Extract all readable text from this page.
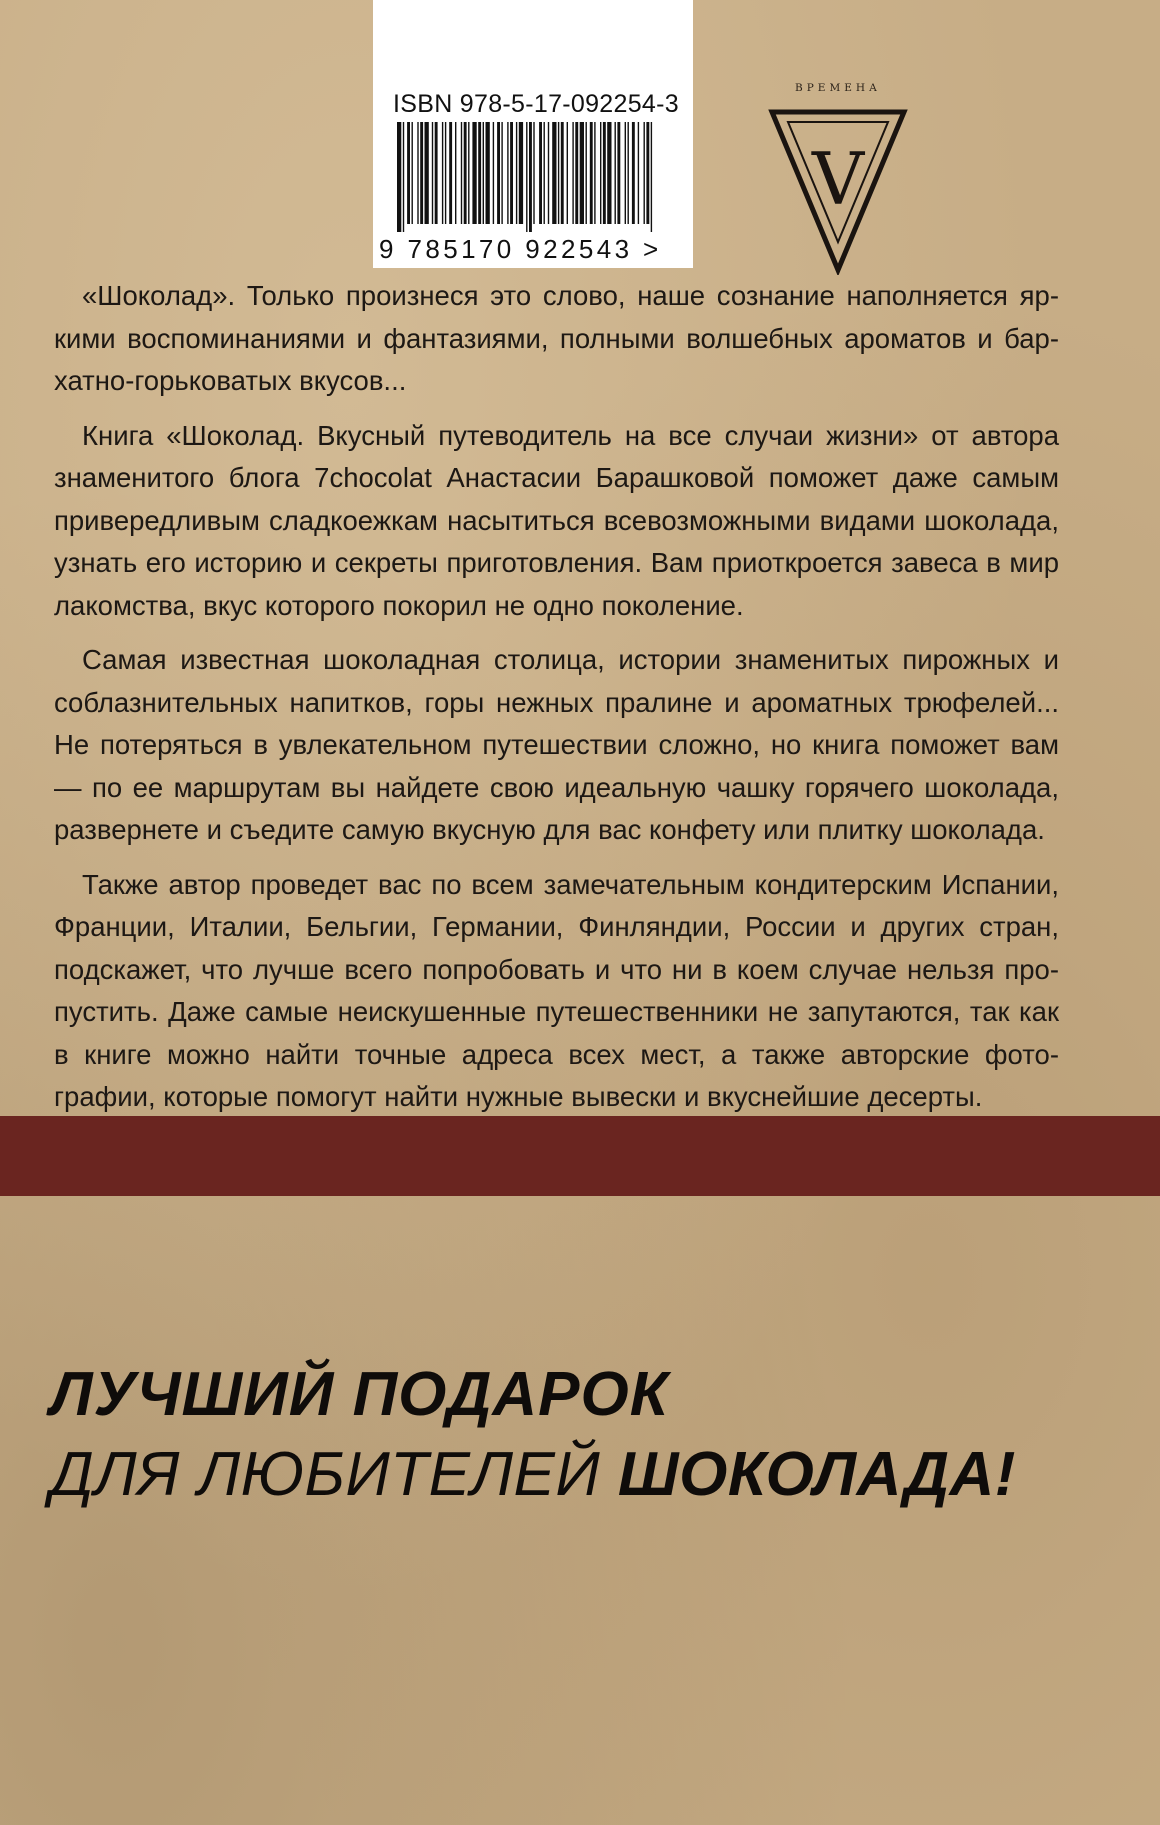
ISBN 978-5-17-092254-3
9 785170 922543 >
ВРЕМЕНА
V

«Шоколад». Только произнеся это слово, наше сознание наполняется яркими воспоминаниями и фантазиями, полными волшебных ароматов и бархатно-горьковатых вкусов...

Книга «Шоколад. Вкусный путеводитель на все случаи жизни» от автора знаменитого блога 7chocolat Анастасии Барашковой поможет даже самым привередливым сладкоежкам насытиться всевозможными видами шоколада, узнать его историю и секреты приготовления. Вам приоткроется завеса в мир лакомства, вкус которого покорил не одно поколение.

Самая известная шоколадная столица, истории знаменитых пирожных и соблазнительных напитков, горы нежных пралине и ароматных трюфелей... Не потеряться в увлекательном путешествии сложно, но книга поможет вам — по ее маршрутам вы найдете свою идеальную чашку горячего шоколада, развернете и съедите самую вкусную для вас конфету или плитку шоколада.

Также автор проведет вас по всем замечательным кондитерским Испании, Франции, Италии, Бельгии, Германии, Финляндии, России и других стран, подскажет, что лучше всего попробовать и что ни в коем случае нельзя пропустить. Даже самые неискушенные путешественники не запутаются, так как в книге можно найти точные адреса всех мест, а также авторские фотографии, которые помогут найти нужные вывески и вкуснейшие десерты.

ЛУЧШИЙ ПОДАРОК
ДЛЯ ЛЮБИТЕЛЕЙ ШОКОЛАДА!
